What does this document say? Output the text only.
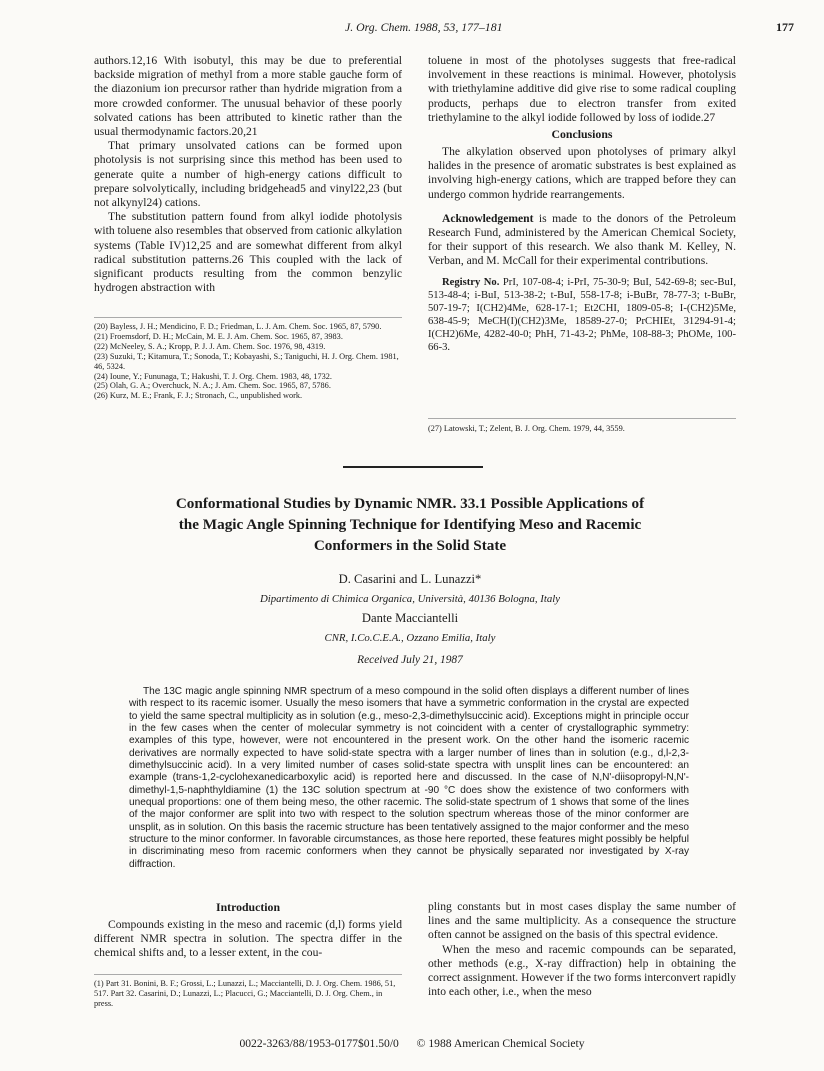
J. Org. Chem. 1988, 53, 177–181	177

authors.12,16 With isobutyl, this may be due to preferential backside migration of methyl from a more stable gauche form of the diazonium ion precursor rather than hydride migration from a more crowded conformer. The unusual behavior of these poorly solvated cations has been attributed to kinetic rather than the usual thermodynamic factors.20,21

That primary unsolvated cations can be formed upon photolysis is not surprising since this method has been used to generate quite a number of high-energy cations difficult to prepare solvolytically, including bridgehead5 and vinyl22,23 (but not alkynyl24) cations.

The substitution pattern found from alkyl iodide photolysis with toluene also resembles that observed from cationic alkylation systems (Table IV)12,25 and are somewhat different from alkyl radical substitution patterns.26 This coupled with the lack of significant products resulting from the common benzylic hydrogen abstraction with

(20) Bayless, J. H.; Mendicino, F. D.; Friedman, L. J. Am. Chem. Soc. 1965, 87, 5790.

(21) Froemsdorf, D. H.; McCain, M. E. J. Am. Chem. Soc. 1965, 87, 3983.

(22) McNeeley, S. A.; Kropp, P. J. J. Am. Chem. Soc. 1976, 98, 4319.

(23) Suzuki, T.; Kitamura, T.; Sonoda, T.; Kobayashi, S.; Taniguchi, H. J. Org. Chem. 1981, 46, 5324.

(24) Ioune, Y.; Fununaga, T.; Hakushi, T. J. Org. Chem. 1983, 48, 1732.

(25) Olah, G. A.; Overchuck, N. A.; J. Am. Chem. Soc. 1965, 87, 5786.

(26) Kurz, M. E.; Frank, F. J.; Stronach, C., unpublished work.

toluene in most of the photolyses suggests that free-radical involvement in these reactions is minimal. However, photolysis with triethylamine additive did give rise to some radical coupling products, perhaps due to electron transfer from exited triethylamine to the alkyl iodide followed by loss of iodide.27

Conclusions

The alkylation observed upon photolyses of primary alkyl halides in the presence of aromatic substrates is best explained as involving high-energy cations, which are trapped before they can undergo common hydride rearrangements.

Acknowledgement is made to the donors of the Petroleum Research Fund, administered by the American Chemical Society, for their support of this research. We also thank M. Kelley, N. Verban, and M. McCall for their experimental contributions.

Registry No. PrI, 107-08-4; i-PrI, 75-30-9; BuI, 542-69-8; sec-BuI, 513-48-4; i-BuI, 513-38-2; t-BuI, 558-17-8; i-BuBr, 78-77-3; t-BuBr, 507-19-7; I(CH2)4Me, 628-17-1; Et2CHI, 1809-05-8; I-(CH2)5Me, 638-45-9; MeCH(I)(CH2)3Me, 18589-27-0; PrCHIEt, 31294-91-4; I(CH2)6Me, 4282-40-0; PhH, 71-43-2; PhMe, 108-88-3; PhOMe, 100-66-3.

(27) Latowski, T.; Zelent, B. J. Org. Chem. 1979, 44, 3559.

Conformational Studies by Dynamic NMR. 33.1 Possible Applications of
the Magic Angle Spinning Technique for Identifying Meso and Racemic
Conformers in the Solid State
D. Casarini and L. Lunazzi*
Dipartimento di Chimica Organica, Università, 40136 Bologna, Italy
Dante Macciantelli
CNR, I.Co.C.E.A., Ozzano Emilia, Italy
Received July 21, 1987

The 13C magic angle spinning NMR spectrum of a meso compound in the solid often displays a different number of lines with respect to its racemic isomer. Usually the meso isomers that have a symmetric conformation in the crystal are expected to yield the same spectral multiplicity as in solution (e.g., meso-2,3-dimethylsuccinic acid). Exceptions might in principle occur in the few cases when the center of molecular symmetry is not coincident with a center of crystallographic symmetry: examples of this type, however, were not encountered in the present work. On the other hand the isomeric racemic derivatives are normally expected to have solid-state spectra with a larger number of lines than in solution (e.g., d,l-2,3-dimethylsuccinic acid). In a very limited number of cases solid-state spectra with unsplit lines can be encountered: an example (trans-1,2-cyclohexanedicarboxylic acid) is reported here and discussed. In the case of N,N'-diisopropyl-N,N'-dimethyl-1,5-naphthyldiamine (1) the 13C solution spectrum at -90 °C does show the existence of two conformers with unequal proportions: one of them being meso, the other racemic. The solid-state spectrum of 1 shows that some of the lines of the major conformer are split into two with respect to the solution spectrum whereas those of the minor conformer are unsplit, as in solution. On this basis the racemic structure has been tentatively assigned to the major conformer and the meso structure to the minor conformer. In favorable circumstances, as those here reported, these features might possibly be helpful in discriminating meso from racemic conformers when they cannot be physically separated nor investigated by X-ray diffraction.

Introduction

Compounds existing in the meso and racemic (d,l) forms yield different NMR spectra in solution. The spectra differ in the chemical shifts and, to a lesser extent, in the cou-

(1) Part 31. Bonini, B. F.; Grossi, L.; Lunazzi, L.; Macciantelli, D. J. Org. Chem. 1986, 51, 517. Part 32. Casarini, D.; Lunazzi, L.; Placucci, G.; Macciantelli, D. J. Org. Chem., in press.

pling constants but in most cases display the same number of lines and the same multiplicity. As a consequence the structure often cannot be assigned on the basis of this spectral evidence.

When the meso and racemic compounds can be separated, other methods (e.g., X-ray diffraction) help in obtaining the correct assignment. However if the two forms interconvert rapidly into each other, i.e., when the meso

0022-3263/88/1953-0177$01.50/0 © 1988 American Chemical Society
